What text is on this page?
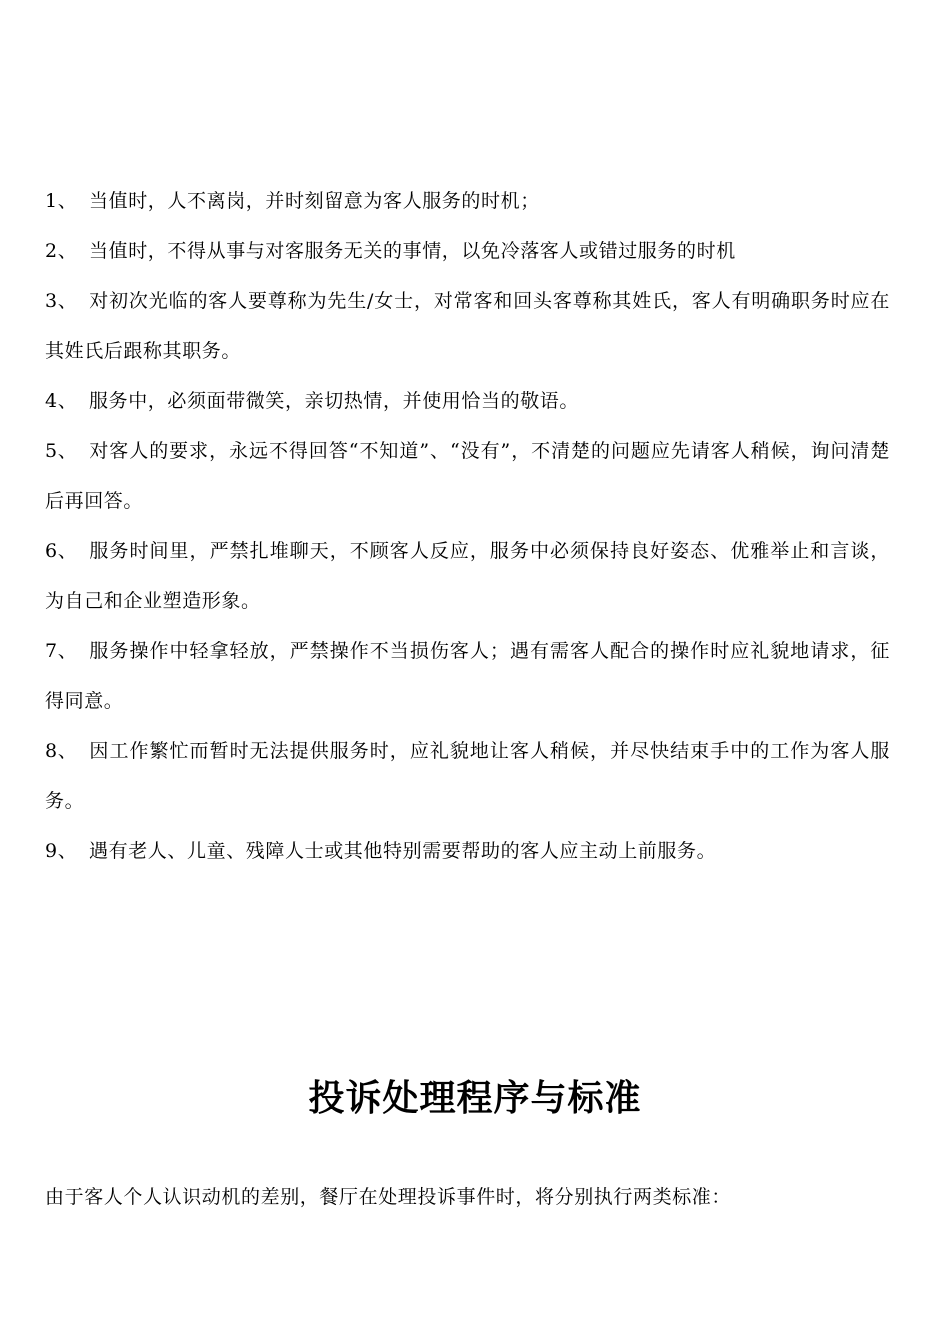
1、 当值时，人不离岗，并时刻留意为客人服务的时机；
2、 当值时，不得从事与对客服务无关的事情，以免冷落客人或错过服务的时机
3、 对初次光临的客人要尊称为先生/女士，对常客和回头客尊称其姓氏，客人有明确职务时应在其姓氏后跟称其职务。
4、 服务中，必须面带微笑，亲切热情，并使用恰当的敬语。
5、 对客人的要求，永远不得回答“不知道”、“没有”，不清楚的问题应先请客人稍候，询问清楚后再回答。
6、 服务时间里，严禁扎堆聊天，不顾客人反应，服务中必须保持良好姿态、优雅举止和言谈，为自己和企业塑造形象。
7、 服务操作中轻拿轻放，严禁操作不当损伤客人；遇有需客人配合的操作时应礼貌地请求，征得同意。
8、 因工作繁忙而暂时无法提供服务时，应礼貌地让客人稍候，并尽快结束手中的工作为客人服务。
9、 遇有老人、儿童、残障人士或其他特别需要帮助的客人应主动上前服务。
投诉处理程序与标准

由于客人个人认识动机的差别，餐厅在处理投诉事件时，将分别执行两类标准：
